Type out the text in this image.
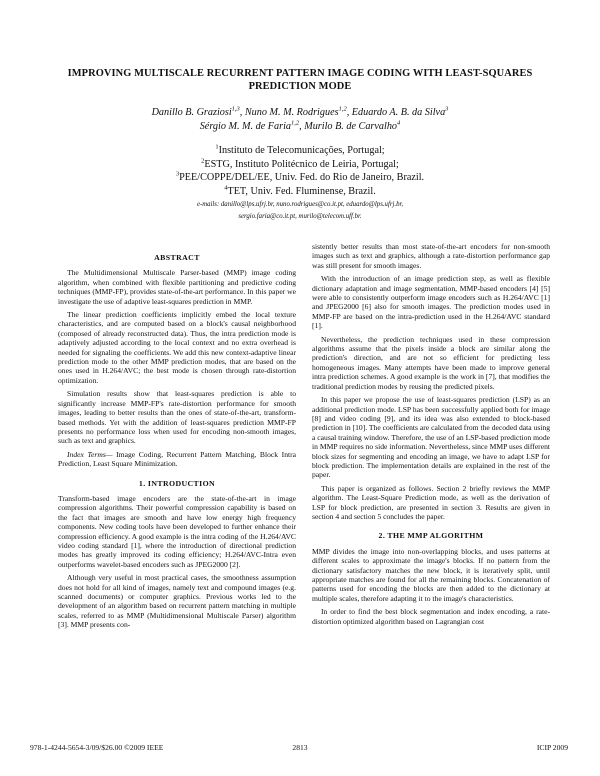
IMPROVING MULTISCALE RECURRENT PATTERN IMAGE CODING WITH LEAST-SQUARES PREDICTION MODE
Danillo B. Graziosi$^{1,3}$, Nuno M. M. Rodrigues$^{1,2}$, Eduardo A. B. da Silva$^3$
Sérgio M. M. de Faria$^{1,2}$, Murilo B. de Carvalho$^4$
$^1$Instituto de Telecomunicações, Portugal;
$^2$ESTG, Instituto Politécnico de Leiria, Portugal;
$^3$PEE/COPPE/DEL/EE, Univ. Fed. do Rio de Janeiro, Brazil.
$^4$TET, Univ. Fed. Fluminense, Brazil.
e-mails: danillo@lps.ufrj.br, nuno.rodrigues@co.it.pt, eduardo@lps.ufrj.br,
sergio.faria@co.it.pt, murilo@telecom.uff.br.
ABSTRACT
The Multidimensional Multiscale Parser-based (MMP) image coding algorithm, when combined with flexible partitioning and predictive coding techniques (MMP-FP), provides state-of-the-art performance. In this paper we investigate the use of adaptive least-squares prediction in MMP.
The linear prediction coefficients implicitly embed the local texture characteristics, and are computed based on a block's causal neighborhood (composed of already reconstructed data). Thus, the intra prediction mode is adaptively adjusted according to the local context and no extra overhead is needed for signaling the coefficients. We add this new context-adaptive linear prediction mode to the other MMP prediction modes, that are based on the ones used in H.264/AVC; the best mode is chosen through rate-distortion optimization.
Simulation results show that least-squares prediction is able to significantly increase MMP-FP's rate-distortion performance for smooth images, leading to better results than the ones of state-of-the-art, transform-based methods. Yet with the addition of least-squares prediction MMP-FP presents no performance loss when used for encoding non-smooth images, such as text and graphics.
Index Terms— Image Coding, Recurrent Pattern Matching, Block Intra Prediction, Least Square Minimization.
1. INTRODUCTION
Transform-based image encoders are the state-of-the-art in image compression algorithms. Their powerful compression capability is based on the fact that images are smooth and have low energy high frequency components. New coding tools have been developed to further enhance their compression efficiency. A good example is the intra coding of the H.264/AVC video coding standard [1], where the introduction of directional prediction modes has greatly improved its coding efficiency; H.264/AVC-Intra even outperforms wavelet-based encoders such as JPEG2000 [2].
Although very useful in most practical cases, the smoothness assumption does not hold for all kind of images, namely text and compound images (e.g. scanned documents) or computer graphics. Previous works led to the development of an algorithm based on recurrent pattern matching in multiple scales, referred to as MMP (Multidimensional Multiscale Parser) algorithm [3]. MMP presents con-
sistently better results than most state-of-the-art encoders for non-smooth images such as text and graphics, although a rate-distortion performance gap was still present for smooth images.
With the introduction of an image prediction step, as well as flexible dictionary adaptation and image segmentation, MMP-based encoders [4] [5] were able to consistently outperform image encoders such as H.264/AVC [1] and JPEG2000 [6] also for smooth images. The prediction modes used in MMP-FP are based on the intra-prediction used in the H.264/AVC standard [1].
Nevertheless, the prediction techniques used in these compression algorithms assume that the pixels inside a block are similar along the prediction's direction, and are not so efficient for predicting less homogeneous images. Many attempts have been made to improve general intra prediction schemes. A good example is the work in [7], that modifies the traditional prediction modes by reusing the predicted pixels.
In this paper we propose the use of least-squares prediction (LSP) as an additional prediction mode. LSP has been successfully applied both for image [8] and video coding [9], and its idea was also extended to block-based prediction in [10]. The coefficients are calculated from the decoded data using a causal training window. Therefore, the use of an LSP-based prediction mode in MMP requires no side information. Nevertheless, since MMP uses different block sizes for segmenting and encoding an image, we have to adapt LSP for block prediction. The implementation details are explained in the rest of the paper.
This paper is organized as follows. Section 2 briefly reviews the MMP algorithm. The Least-Square Prediction mode, as well as the derivation of LSP for block prediction, are presented in section 3. Results are given in section 4 and section 5 concludes the paper.
2. THE MMP ALGORITHM
MMP divides the image into non-overlapping blocks, and uses patterns at different scales to approximate the image's blocks. If no pattern from the dictionary satisfactory matches the new block, it is iteratively split, until appropriate matches are found for all the remaining blocks. Concatenation of patterns used for encoding the blocks are then added to the dictionary at multiple scales, therefore adapting it to the image's characteristics.
In order to find the best block segmentation and index encoding, a rate-distortion optimized algorithm based on Lagrangian cost
978-1-4244-5654-3/09/$26.00 ©2009 IEEE	2813	ICIP 2009
